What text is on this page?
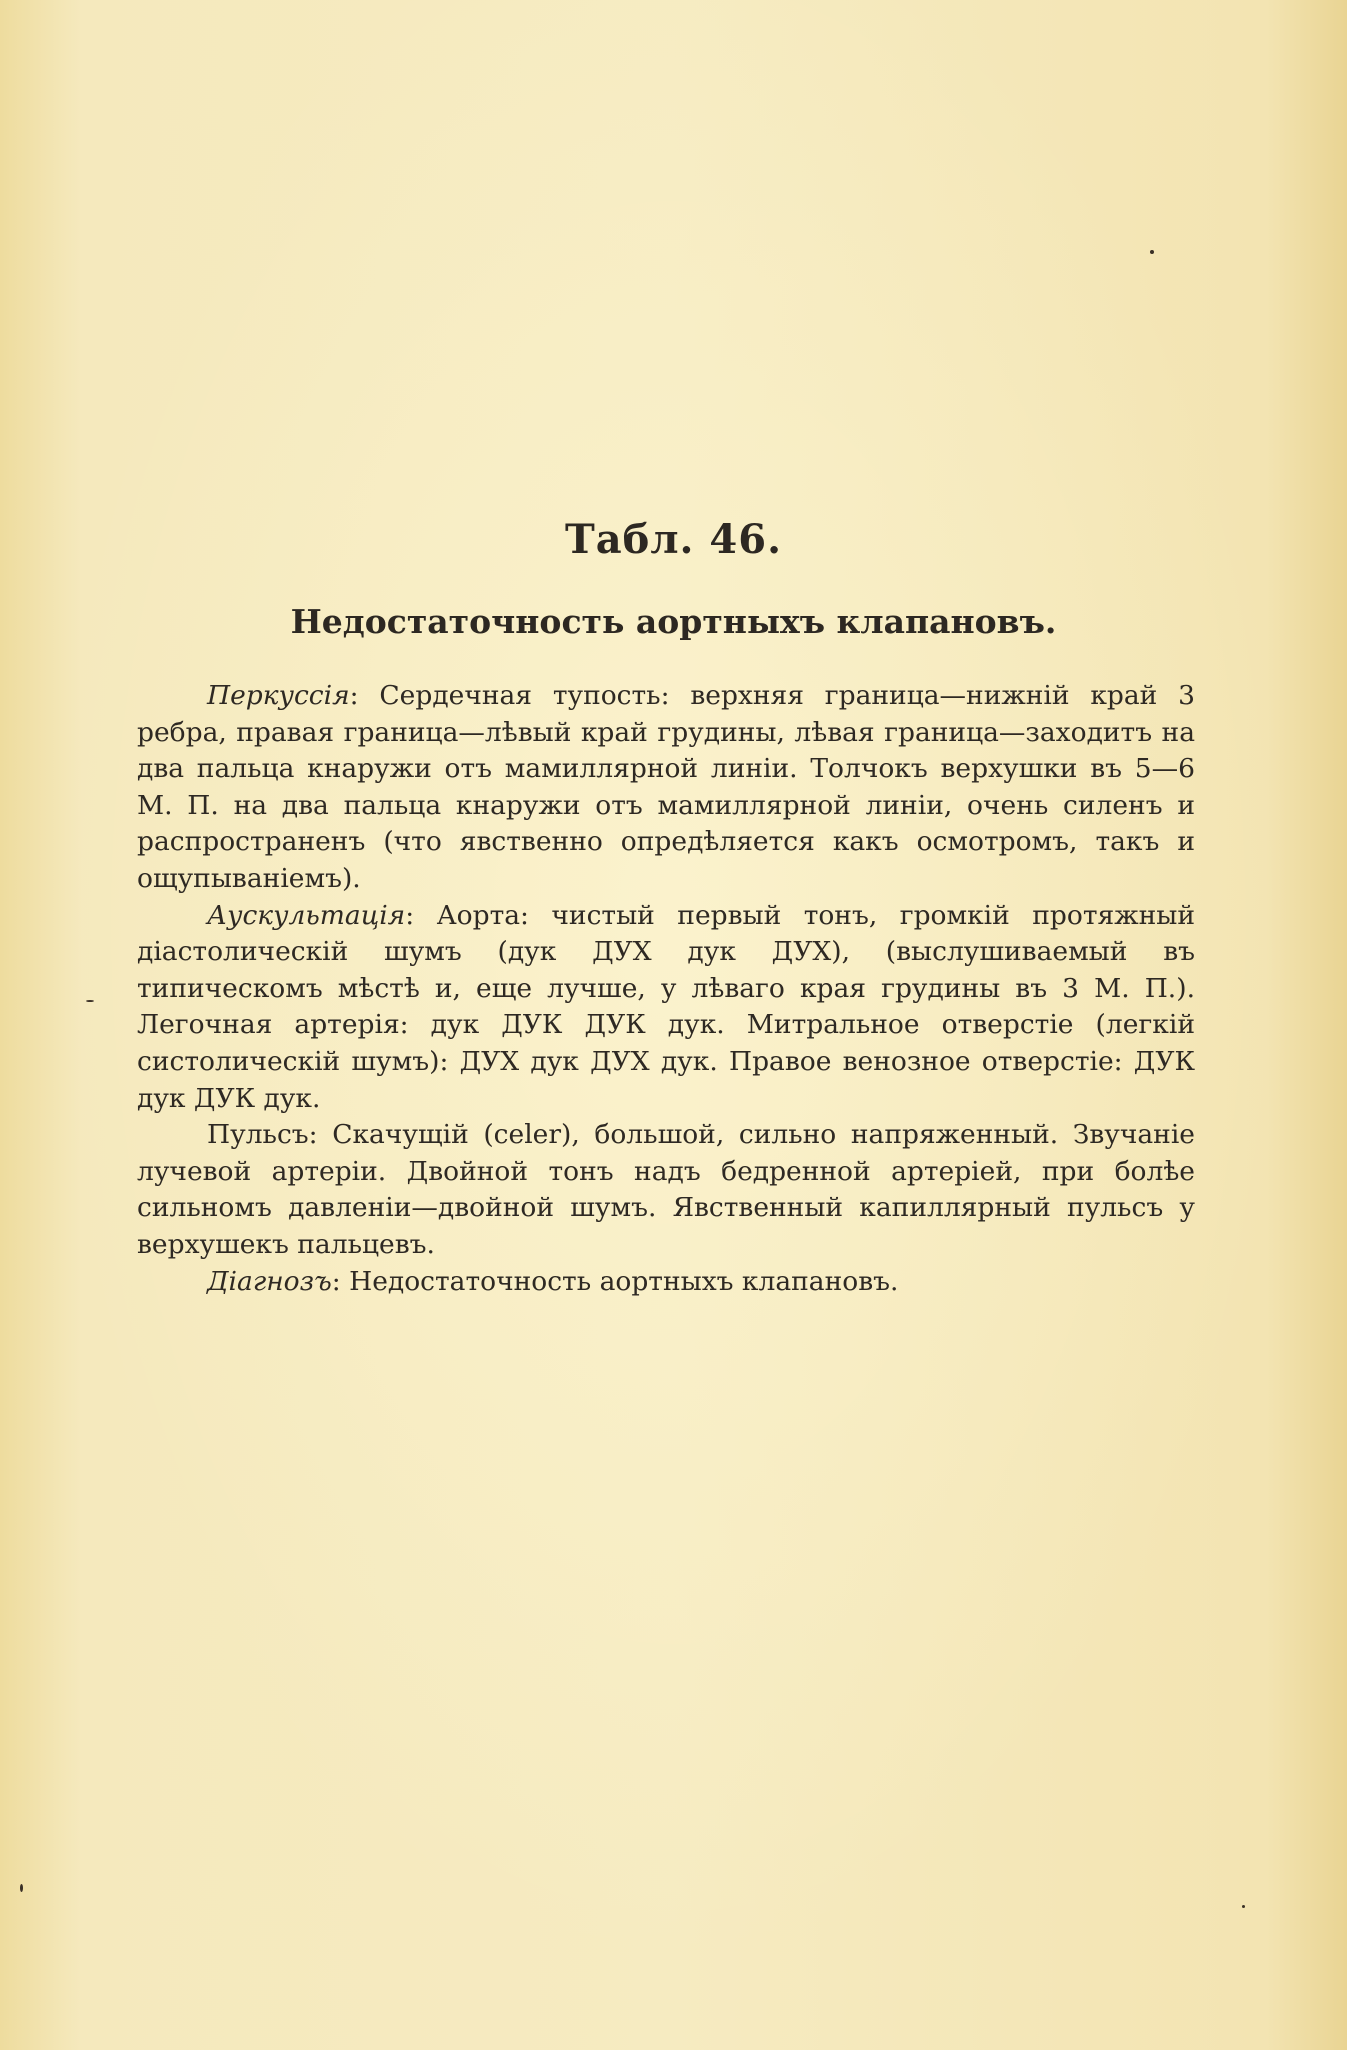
Табл. 46.
Недостаточность аортныхъ клапановъ.

Перкуссія: Сердечная тупость: верхняя граница—нижній край 3 ребра, правая граница—лѣвый край грудины, лѣвая граница—заходитъ на два пальца кнаружи отъ мамиллярной линіи. Толчокъ верхушки въ 5—6 М. П. на два пальца кнаружи отъ мамиллярной линіи, очень силенъ и распространенъ (что явственно опредѣляется какъ осмотромъ, такъ и ощупываніемъ).

Аускультація: Аорта: чистый первый тонъ, громкій протяжный діастолическій шумъ (дук ДУХ дук ДУХ), (выслушиваемый въ типическомъ мѣстѣ и, еще лучше, у лѣваго края грудины въ 3 М. П.). Легочная артерія: дук ДУК ДУК дук. Митральное отверстіе (легкій систолическій шумъ): ДУХ дук ДУХ дук. Правое венозное отверстіе: ДУК дук ДУК дук.

Пульсъ: Скачущій (celer), большой, сильно напряженный. Звучаніе лучевой артеріи. Двойной тонъ надъ бедренной артеріей, при болѣе сильномъ давленіи—двойной шумъ. Явственный капиллярный пульсъ у верхушекъ пальцевъ.

Діагнозъ: Недостаточность аортныхъ клапановъ.
